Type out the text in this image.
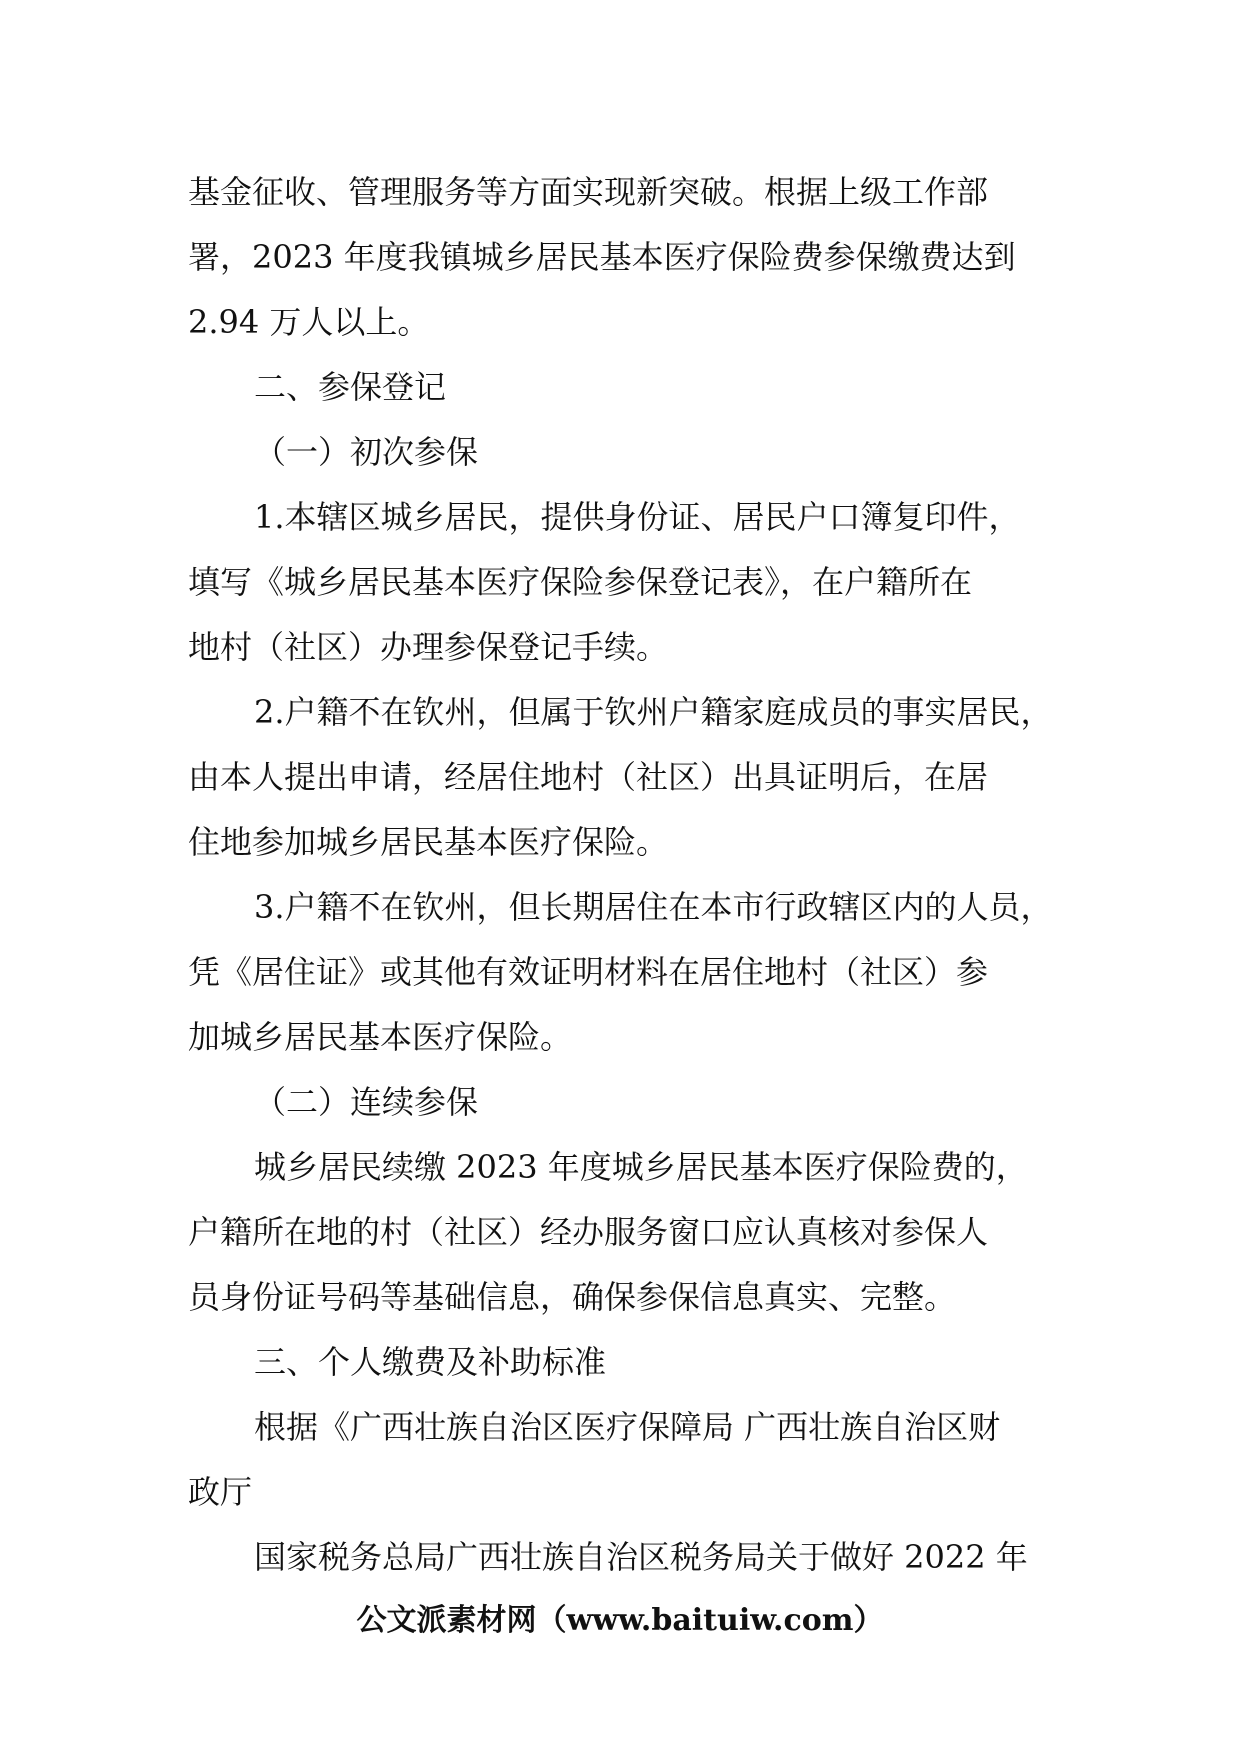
基金征收、管理服务等方面实现新突破。根据上级工作部
署，2023 年度我镇城乡居民基本医疗保险费参保缴费达到
2.94 万人以上。
二、参保登记
（一）初次参保
1.本辖区城乡居民，提供身份证、居民户口簿复印件，
填写《城乡居民基本医疗保险参保登记表》，在户籍所在
地村（社区）办理参保登记手续。
2.户籍不在钦州，但属于钦州户籍家庭成员的事实居民，
由本人提出申请，经居住地村（社区）出具证明后，在居
住地参加城乡居民基本医疗保险。
3.户籍不在钦州，但长期居住在本市行政辖区内的人员，
凭《居住证》或其他有效证明材料在居住地村（社区）参
加城乡居民基本医疗保险。
（二）连续参保
城乡居民续缴 2023 年度城乡居民基本医疗保险费的，
户籍所在地的村（社区）经办服务窗口应认真核对参保人
员身份证号码等基础信息，确保参保信息真实、完整。
三、个人缴费及补助标准
根据《广西壮族自治区医疗保障局 广西壮族自治区财
政厅
国家税务总局广西壮族自治区税务局关于做好 2022 年
公文派素材网（www.baituiw.com）
